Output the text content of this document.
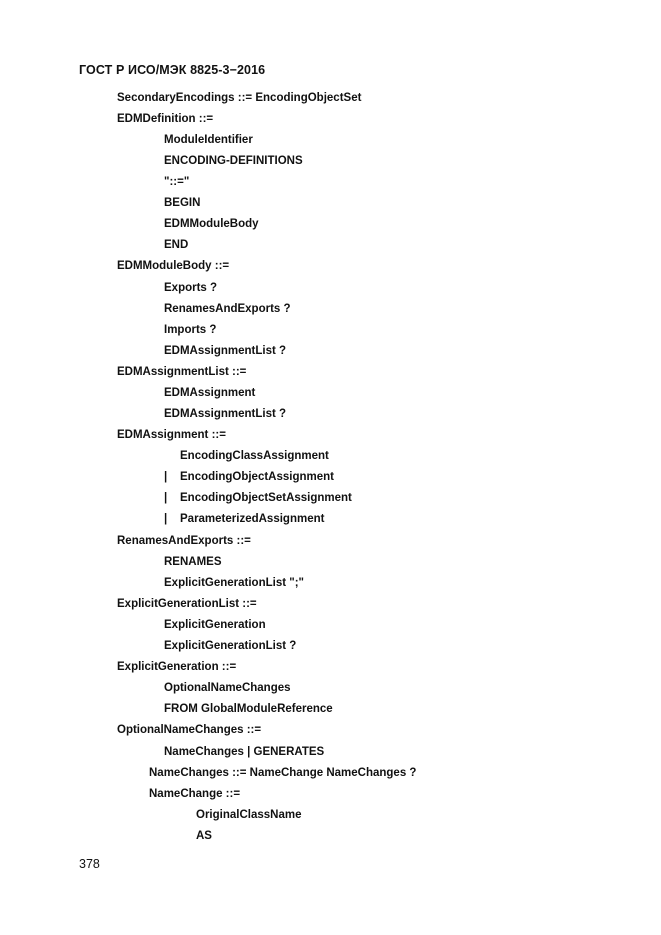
ГОСТ Р ИСО/МЭК 8825-3−2016
SecondaryEncodings ::= EncodingObjectSet
EDMDefinition ::=
ModuleIdentifier
ENCODING-DEFINITIONS
"::="
BEGIN
EDMModuleBody
END
EDMModuleBody ::=
Exports ?
RenamesAndExports ?
Imports ?
EDMAssignmentList ?
EDMAssignmentList ::=
EDMAssignment
EDMAssignmentList ?
EDMAssignment ::=
EncodingClassAssignment
| EncodingObjectAssignment
| EncodingObjectSetAssignment
| ParameterizedAssignment
RenamesAndExports ::=
RENAMES
ExplicitGenerationList ";"
ExplicitGenerationList ::=
ExplicitGeneration
ExplicitGenerationList ?
ExplicitGeneration ::=
OptionalNameChanges
FROM GlobalModuleReference
OptionalNameChanges ::=
NameChanges | GENERATES
NameChanges ::= NameChange NameChanges ?
NameChange ::=
OriginalClassName
AS
378
